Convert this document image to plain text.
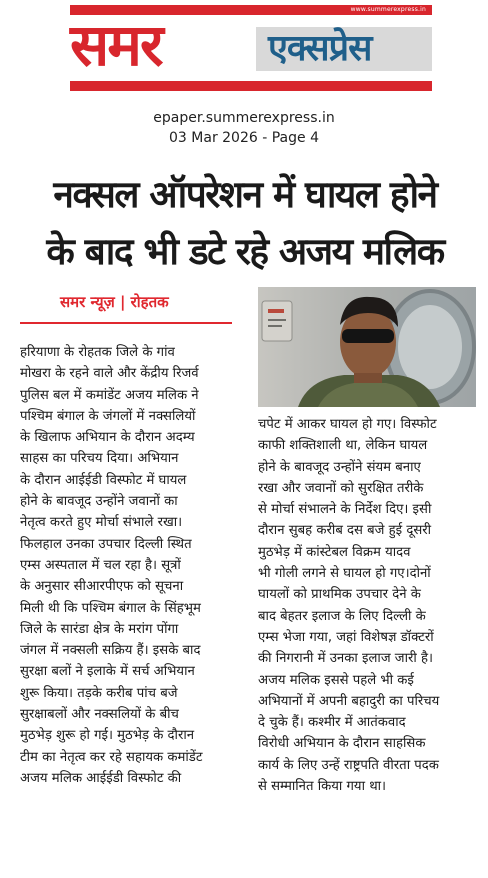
www.summerexpress.in
समर	एक्सप्रेस
epaper.summerexpress.in
03 Mar 2026 - Page 4
नक्सल ऑपरेशन में घायल होने
के बाद भी डटे रहे अजय मलिक
समर न्यूज़ | रोहतक
हरियाणा के रोहतक जिले के गांव
मोखरा के रहने वाले और केंद्रीय रिजर्व
पुलिस बल में कमांडेंट अजय मलिक ने
पश्चिम बंगाल के जंगलों में नक्सलियों
के खिलाफ अभियान के दौरान अदम्य
साहस का परिचय दिया। अभियान
के दौरान आईईडी विस्फोट में घायल
होने के बावजूद उन्होंने जवानों का
नेतृत्व करते हुए मोर्चा संभाले रखा।
फिलहाल उनका उपचार दिल्ली स्थित
एम्स अस्पताल में चल रहा है। सूत्रों
के अनुसार सीआरपीएफ को सूचना
मिली थी कि पश्चिम बंगाल के सिंहभूम
जिले के सारंडा क्षेत्र के मरांग पोंगा
जंगल में नक्सली सक्रिय हैं। इसके बाद
सुरक्षा बलों ने इलाके में सर्च अभियान
शुरू किया। तड़के करीब पांच बजे
सुरक्षाबलों और नक्सलियों के बीच
मुठभेड़ शुरू हो गई। मुठभेड़ के दौरान
टीम का नेतृत्व कर रहे सहायक कमांडेंट
अजय मलिक आईईडी विस्फोट की
चपेट में आकर घायल हो गए। विस्फोट
काफी शक्तिशाली था, लेकिन घायल
होने के बावजूद उन्होंने संयम बनाए
रखा और जवानों को सुरक्षित तरीके
से मोर्चा संभालने के निर्देश दिए। इसी
दौरान सुबह करीब दस बजे हुई दूसरी
मुठभेड़ में कांस्टेबल विक्रम यादव
भी गोली लगने से घायल हो गए।दोनों
घायलों को प्राथमिक उपचार देने के
बाद बेहतर इलाज के लिए दिल्ली के
एम्स भेजा गया, जहां विशेषज्ञ डॉक्टरों
की निगरानी में उनका इलाज जारी है।
अजय मलिक इससे पहले भी कई
अभियानों में अपनी बहादुरी का परिचय
दे चुके हैं। कश्मीर में आतंकवाद
विरोधी अभियान के दौरान साहसिक
कार्य के लिए उन्हें राष्ट्रपति वीरता पदक
से सम्मानित किया गया था।
